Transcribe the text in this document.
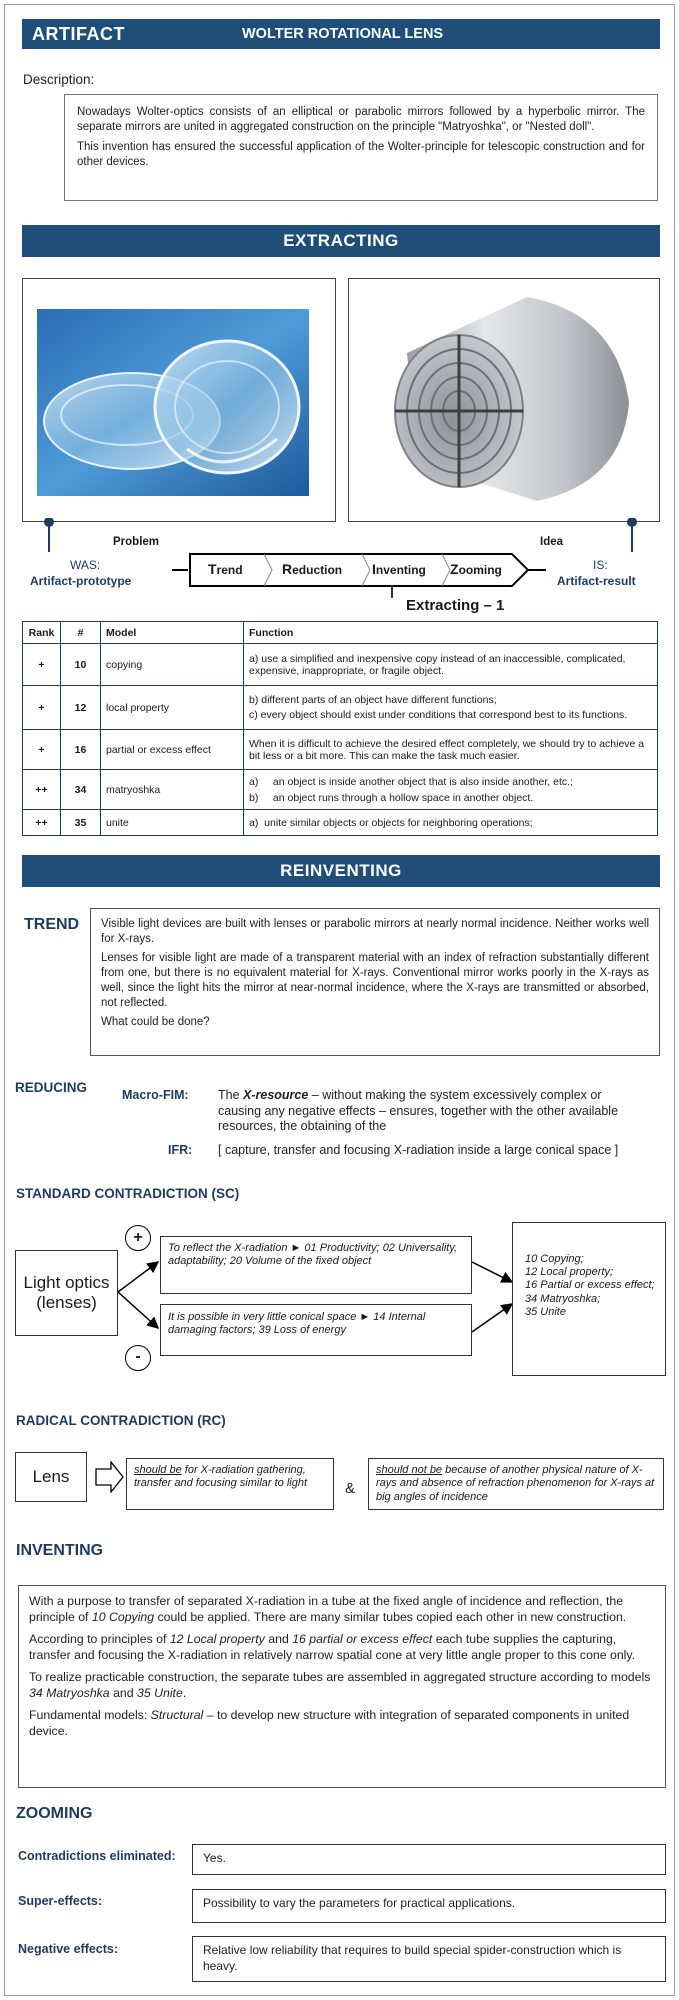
ARTIFACT	WOLTER ROTATIONAL LENS
Description:

Nowadays Wolter-optics consists of an elliptical or parabolic mirrors followed by a hyperbolic mirror. The separate mirrors are united in aggregated construction on the principle "Matryoshka", or "Nested doll".

This invention has ensured the successful application of the Wolter-principle for telescopic construction and for other devices.

EXTRACTING
Problem	Idea
WAS:
Artifact-prototype
IS:
Artifact-result
Trend	Reduction Inventing Zooming
Extracting – 1
Rank	#	Model	Function
+	10	copying	a) use a simplified and inexpensive copy instead of an inaccessible, complicated, expensive, inappropriate, or fragile object.

+	12	local property	b) different parts of an object have different functions;
c) every object should exist under conditions that correspond best to its functions.

+	16	partial or excess effect	When it is difficult to achieve the desired effect completely, we should try to achieve a bit less or a bit more. This can make the task much easier.

++	34	matryoshka	a)     an object is inside another object that is also inside another, etc.;
b)     an object runs through a hollow space in another object.

++	35	unite	a)  unite similar objects or objects for neighboring operations;
REINVENTING
TREND Visible light devices are built with lenses or parabolic mirrors at nearly normal incidence. Neither works well for X-rays.

Lenses for visible light are made of a transparent material with an index of refraction substantially different from one, but there is no equivalent material for X-rays. Conventional mirror works poorly in the X-rays as well, since the light hits the mirror at near-normal incidence, where the X-rays are transmitted or absorbed, not reflected.

What could be done?

REDUCING	Macro-FIM: The X-resource – without making the system excessively complex or causing any negative effects – ensures, together with the other available resources, the obtaining of the
IFR: [ capture, transfer and focusing X-radiation inside a large conical space ]
STANDARD CONTRADICTION (SC)
+
-
Light optics (lenses)
To reflect the X-radiation ► 01 Productivity; 02 Universality, adaptability; 20 Volume of the fixed object
It is possible in very little conical space ► 14 Internal damaging factors; 39 Loss of energy
10 Copying;
12 Local property;
16 Partial or excess effect;
34 Matryoshka;
35 Unite
RADICAL CONTRADICTION (RC)
Lens	should be for X-radiation gathering, transfer and focusing similar to light	&
should not be because of another physical nature of X-rays and absence of refraction phenomenon for X-rays at big angles of incidence
INVENTING

With a purpose to transfer of separated X-radiation in a tube at the fixed angle of incidence and reflection, the principle of 10 Copying could be applied. There are many similar tubes copied each other in new construction.

According to principles of 12 Local property and 16 partial or excess effect each tube supplies the capturing, transfer and focusing the X-radiation in relatively narrow spatial cone at very little angle proper to this cone only.

To realize practicable construction, the separate tubes are assembled in aggregated structure according to models 34 Matryoshka and 35 Unite.

Fundamental models: Structural – to develop new structure with integration of separated components in united device.

ZOOMING
Contradictions eliminated:	Yes.
Super-effects:	Possibility to vary the parameters for practical applications.
Negative effects:	Relative low reliability that requires to build special spider-construction which is heavy.
